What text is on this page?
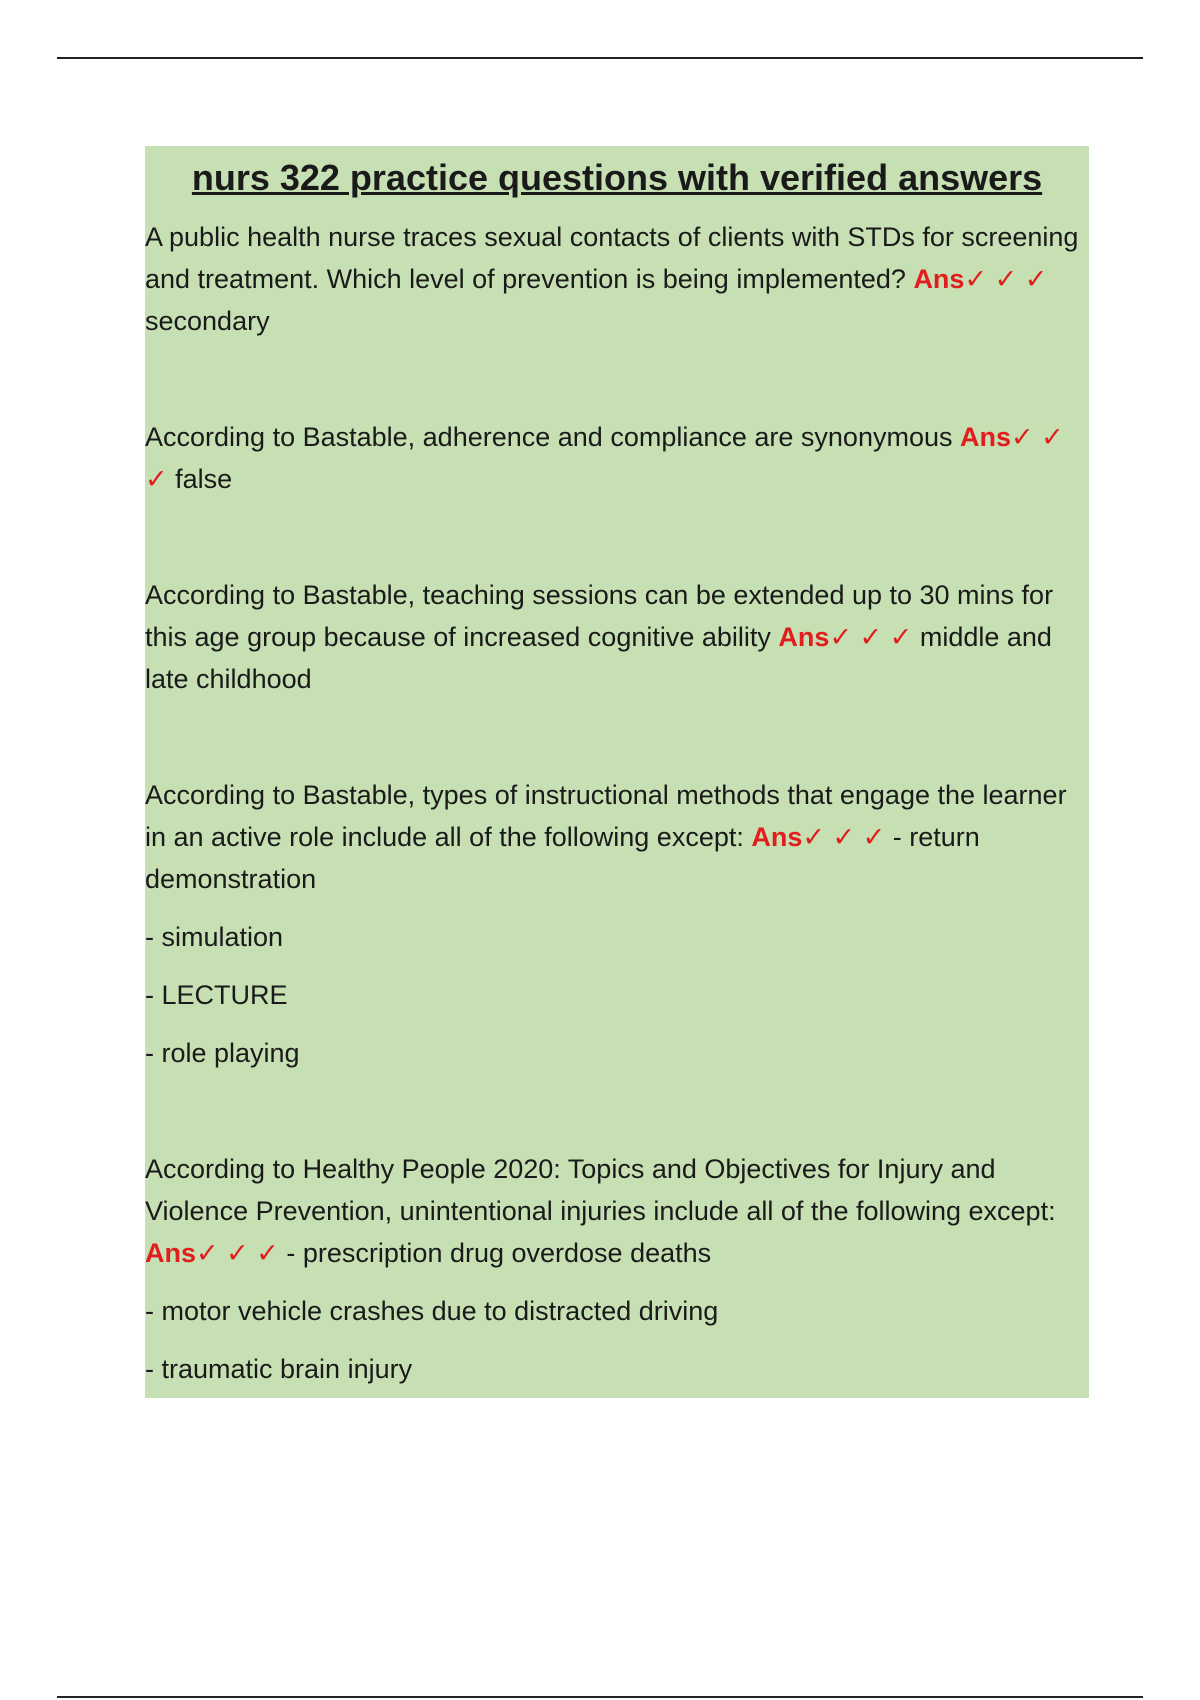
nurs 322 practice questions with verified answers

A public health nurse traces sexual contacts of clients with STDs for screening and treatment. Which level of prevention is being implemented? Ans✓ ✓ ✓ secondary

According to Bastable, adherence and compliance are synonymous Ans✓ ✓ ✓ false

According to Bastable, teaching sessions can be extended up to 30 mins for this age group because of increased cognitive ability Ans✓ ✓ ✓ middle and late childhood

According to Bastable, types of instructional methods that engage the learner in an active role include all of the following except: Ans✓ ✓ ✓ - return demonstration

- simulation

- LECTURE

- role playing

According to Healthy People 2020: Topics and Objectives for Injury and Violence Prevention, unintentional injuries include all of the following except: Ans✓ ✓ ✓ - prescription drug overdose deaths

- motor vehicle crashes due to distracted driving

- traumatic brain injury
